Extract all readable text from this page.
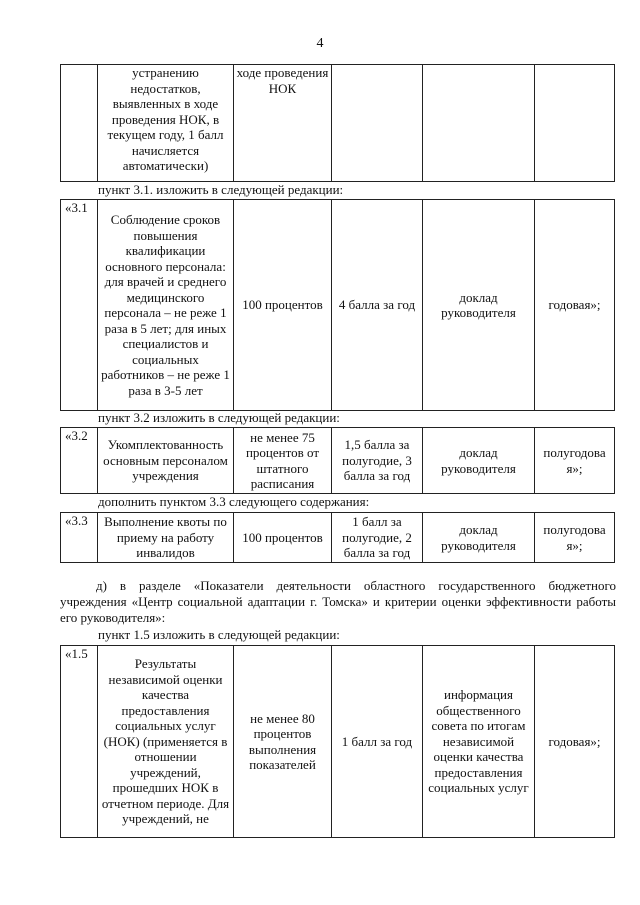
4
	устранению недостатков, выявленных в ходе проведения НОК, в текущем году, 1 балл начисляется автоматически)	ходе проведения НОК			
пункт 3.1. изложить в следующей редакции:
«3.1	Соблюдение сроков повышения квалификации основного персонала: для врачей и среднего медицинского персонала – не реже 1 раза в 5 лет; для иных специалистов и социальных работников – не реже 1 раза в 3-5 лет	100 процентов	4 балла за год	доклад руководителя	годовая»;
пункт 3.2 изложить в следующей редакции:
«3.2	Укомплектованность основным персоналом учреждения	не менее 75 процентов от штатного расписания	1,5 балла за полугодие, 3 балла за год	доклад руководителя	полугодовая»;
дополнить пунктом 3.3 следующего содержания:
«3.3	Выполнение квоты по приему на работу инвалидов	100 процентов	1 балл за полугодие, 2 балла за год	доклад руководителя	полугодовая»;
д) в разделе «Показатели деятельности областного государственного бюджетного учреждения «Центр социальной адаптации г. Томска» и критерии оценки эффективности работы его руководителя»:
пункт 1.5 изложить в следующей редакции:
«1.5	Результаты независимой оценки качества предоставления социальных услуг (НОК) (применяется в отношении учреждений, прошедших НОК в отчетном периоде. Для учреждений, не	не менее 80 процентов выполнения показателей	1 балл за год	информация общественного совета по итогам независимой оценки качества предоставления социальных услуг	годовая»;
